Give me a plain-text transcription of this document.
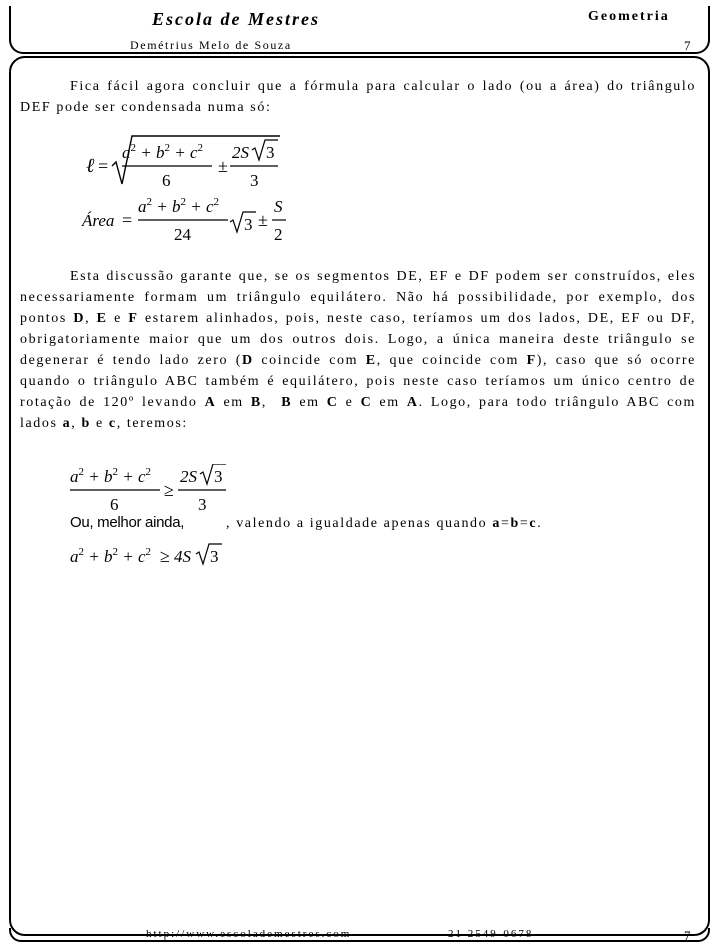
Escola de Mestres	Geometria
Demétrius Melo de Souza	7

Fica fácil agora concluir que a fórmula para calcular o lado (ou a área) do triângulo DEF pode ser condensada numa só:

ℓ =
$a^2 + b^2 + c^2$
6
±
2S 3
3
Área =
$a^2 + b^2 + c^2$
24
3 ±
S
2

Esta discussão garante que, se os segmentos DE, EF e DF podem ser construídos, eles necessariamente formam um triângulo equilátero. Não há possibilidade, por exemplo, dos pontos D, E e F estarem alinhados, pois, neste caso, teríamos um dos lados, DE, EF ou DF, obrigatoriamente maior que um dos outros dois. Logo, a única maneira deste triângulo se degenerar é tendo lado zero (D coincide com E, que coincide com F), caso que só ocorre quando o triângulo ABC também é equilátero, pois neste caso teríamos um único centro de rotação de 120º levando A em B,  B em C e C em A. Logo, para todo triângulo ABC com lados a, b e c, teremos:

$a^2 + b^2 + c^2$
6
≥
2S 3
3
Ou, melhor ainda,	, valendo a igualdade apenas quando a=b=c.
$a^2 + b^2 + c^2 \ge 4S$ 3
http://www.escolademestres.com	21 2549-0678	7
